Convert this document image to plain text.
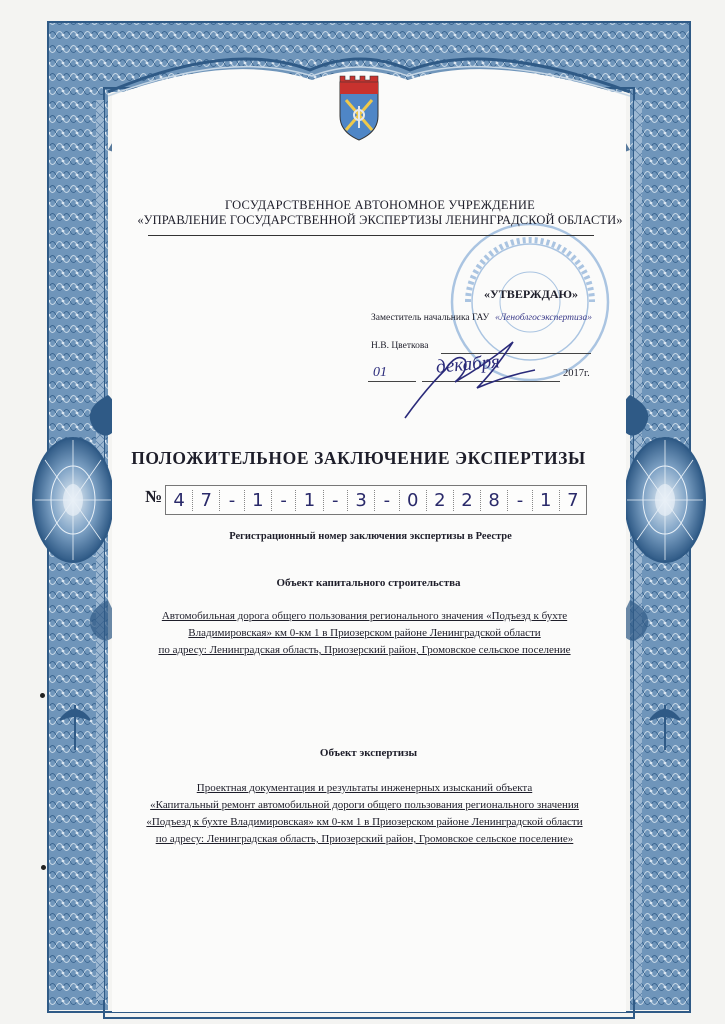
ГОСУДАРСТВЕННОЕ АВТОНОМНОЕ УЧРЕЖДЕНИЕ
«УПРАВЛЕНИЕ ГОСУДАРСТВЕННОЙ ЭКСПЕРТИЗЫ ЛЕНИНГРАДСКОЙ ОБЛАСТИ»
«УТВЕРЖДАЮ»
Заместитель начальника ГАУ «Леноблгосэкспертиза»
Н.В. Цветкова
01	декабря	2017г.
ПОЛОЖИТЕЛЬНОЕ ЗАКЛЮЧЕНИЕ ЭКСПЕРТИЗЫ
№ 4 7 - 1 - 1 - 3 - 0 2 2 8 - 1 7
Регистрационный номер заключения экспертизы в Реестре
Объект капитального строительства
Автомобильная дорога общего пользования регионального значения «Подъезд к бухте
Владимировская» км 0-км 1 в Приозерском районе Ленинградской области
по адресу: Ленинградская область, Приозерский район, Громовское сельское поселение
Объект экспертизы
Проектная документация и результаты инженерных изысканий объекта
«Капитальный ремонт автомобильной дороги общего пользования регионального значения
«Подъезд к бухте Владимировская» км 0-км 1 в Приозерском районе Ленинградской области
по адресу: Ленинградская область, Приозерский район, Громовское сельское поселение»
